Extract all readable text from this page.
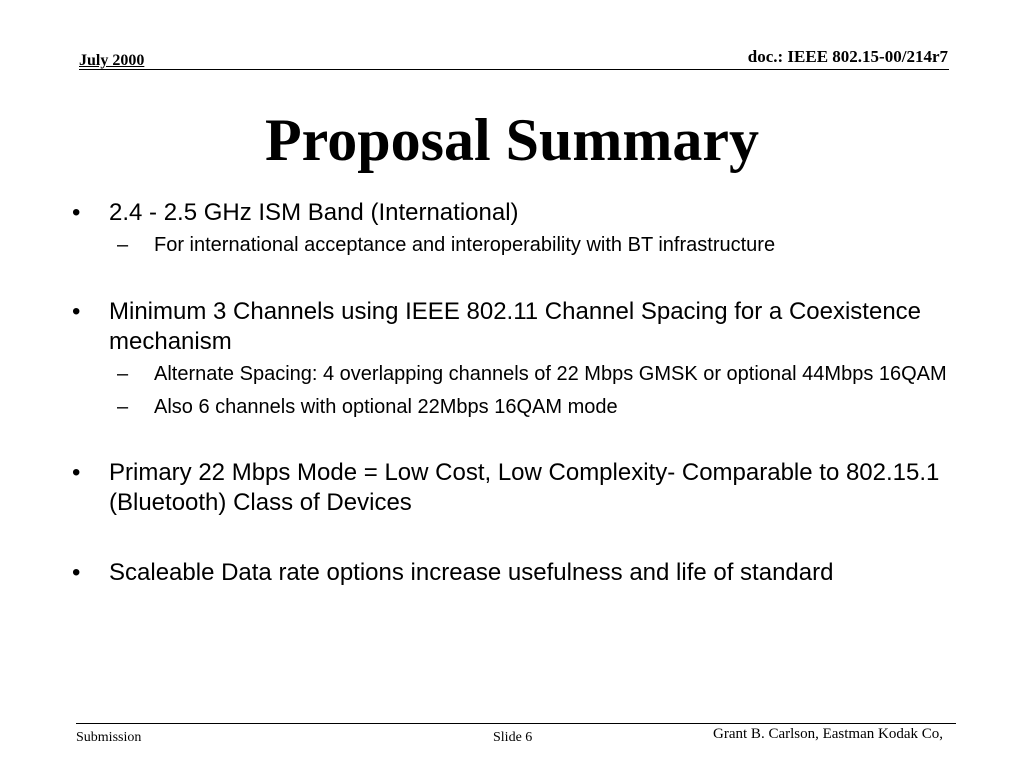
July 2000	doc.: IEEE 802.15-00/214r7
Proposal Summary
• 2.4 - 2.5 GHz ISM Band (International)
– For international acceptance and interoperability with BT infrastructure
• Minimum 3 Channels using IEEE 802.11 Channel Spacing for a Coexistence mechanism
– Alternate Spacing: 4 overlapping channels of 22 Mbps GMSK or optional 44Mbps 16QAM
– Also 6 channels with optional 22Mbps 16QAM mode
• Primary 22 Mbps Mode = Low Cost, Low Complexity- Comparable to 802.15.1 (Bluetooth) Class of Devices
• Scaleable Data rate options increase usefulness and life of standard
Submission	Slide 6	Grant B. Carlson, Eastman Kodak Co,
